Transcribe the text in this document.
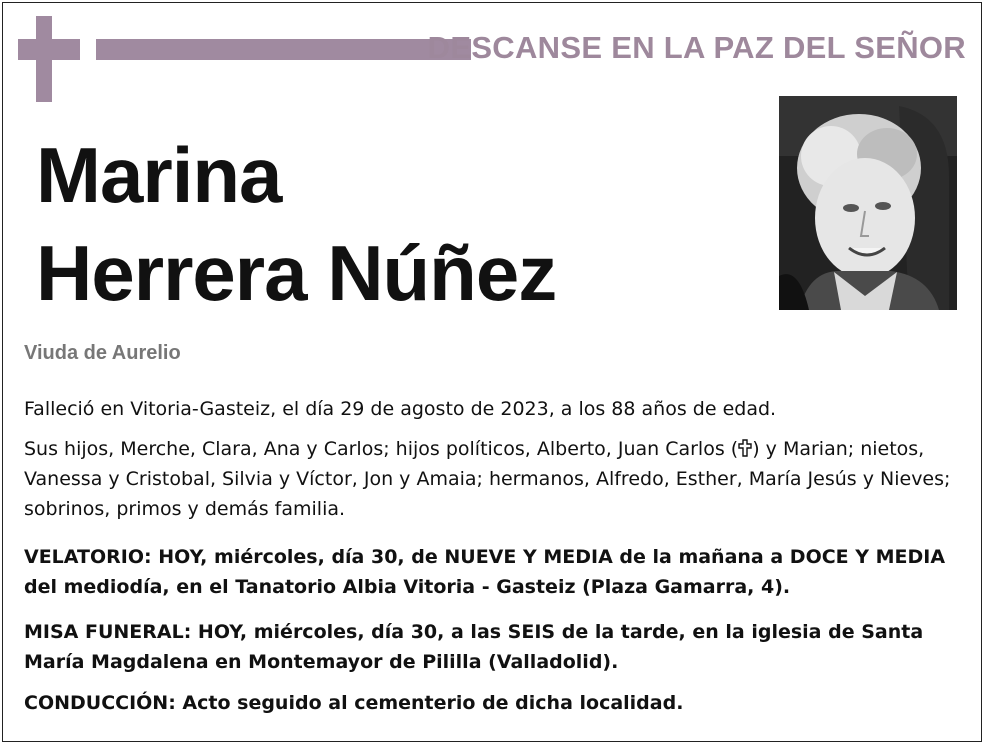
DESCANSE EN LA PAZ DEL SEÑOR
Marina
Herrera Núñez
Viuda de Aurelio
Falleció en Vitoria-Gasteiz, el día 29 de agosto de 2023, a los 88 años de edad.
Sus hijos, Merche, Clara, Ana y Carlos; hijos políticos, Alberto, Juan Carlos ( ) y Marian; nietos, Vanessa y Cristobal, Silvia y Víctor, Jon y Amaia; hermanos, Alfredo, Esther, María Jesús y Nieves; sobrinos, primos y demás familia.
VELATORIO: HOY, miércoles, día 30, de NUEVE Y MEDIA de la mañana a DOCE Y MEDIA del mediodía, en el Tanatorio Albia Vitoria - Gasteiz (Plaza Gamarra, 4).
MISA FUNERAL: HOY, miércoles, día 30, a las SEIS de la tarde, en la iglesia de Santa María Magdalena en Montemayor de Pililla (Valladolid).
CONDUCCIÓN: Acto seguido al cementerio de dicha localidad.
